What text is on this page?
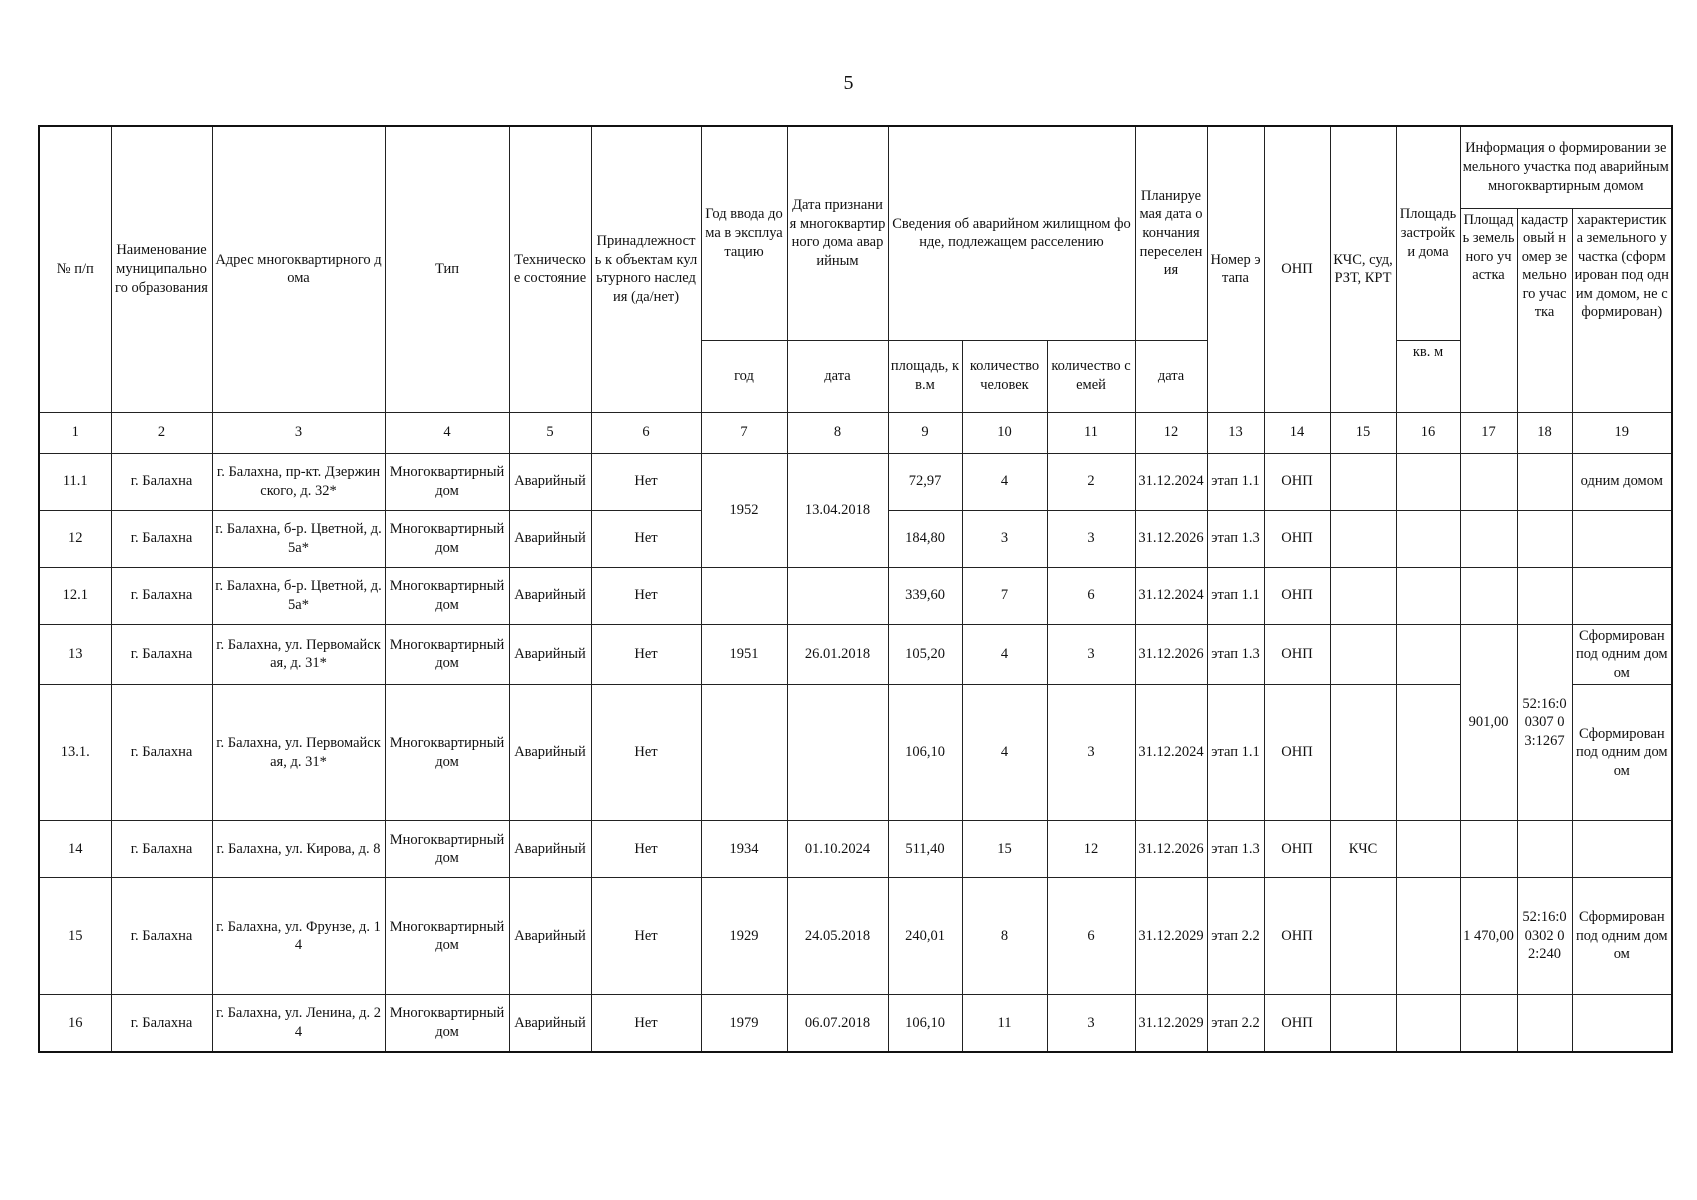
5
№ п/п	Наименование муниципального образования	Адрес многоквартирного дома	Тип	Техническое состояние	Принадлежность к объектам культурного наследия (да/нет)	Год ввода дома в эксплуатацию	Дата признания многоквартирного дома аварийным	Сведения об аварийном жилищном фонде, подлежащем расселению			Планируемая дата окончания переселения	Номер этапа	ОНП	КЧС, суд, РЗТ, КРТ	Площадь застройки дома	Информация о формировании земельного участка под аварийным многоквартирным домом		
																Площадь земельного участка	кадастровый номер земельного участка	характеристика земельного участка (сформирован под одним домом, не сформирован)
						год	дата	площадь, кв.м	количество человек	количество семей	дата				кв. м			
1	2	3	4	5	6	7	8	9	10	11	12	13	14	15	16	17	18	19
11.1	г. Балахна	г. Балахна, пр-кт. Дзержинского, д. 32*	Многоквартирный дом	Аварийный	Нет	1952	13.04.2018	72,97	4	2	31.12.2024	этап 1.1	ОНП					одним домом
12	г. Балахна	г. Балахна, б-р. Цветной, д. 5а*	Многоквартирный дом	Аварийный	Нет			184,80	3	3	31.12.2026	этап 1.3	ОНП					
12.1	г. Балахна	г. Балахна, б-р. Цветной, д. 5а*	Многоквартирный дом	Аварийный	Нет			339,60	7	6	31.12.2024	этап 1.1	ОНП					
13	г. Балахна	г. Балахна, ул. Первомайская, д. 31*	Многоквартирный дом	Аварийный	Нет	1951	26.01.2018	105,20	4	3	31.12.2026	этап 1.3	ОНП			901,00	52:16:00307 03:1267	Сформирован под одним домом
13.1.	г. Балахна	г. Балахна, ул. Первомайская, д. 31*	Многоквартирный дом	Аварийный	Нет			106,10	4	3	31.12.2024	этап 1.1	ОНП					Сформирован под одним домом
14	г. Балахна	г. Балахна, ул. Кирова, д. 8	Многоквартирный дом	Аварийный	Нет	1934	01.10.2024	511,40	15	12	31.12.2026	этап 1.3	ОНП	КЧС				
15	г. Балахна	г. Балахна, ул. Фрунзе, д. 14	Многоквартирный дом	Аварийный	Нет	1929	24.05.2018	240,01	8	6	31.12.2029	этап 2.2	ОНП			1 470,00	52:16:00302 02:240	Сформирован под одним домом
16	г. Балахна	г. Балахна, ул. Ленина, д. 24	Многоквартирный дом	Аварийный	Нет	1979	06.07.2018	106,10	11	3	31.12.2029	этап 2.2	ОНП					
